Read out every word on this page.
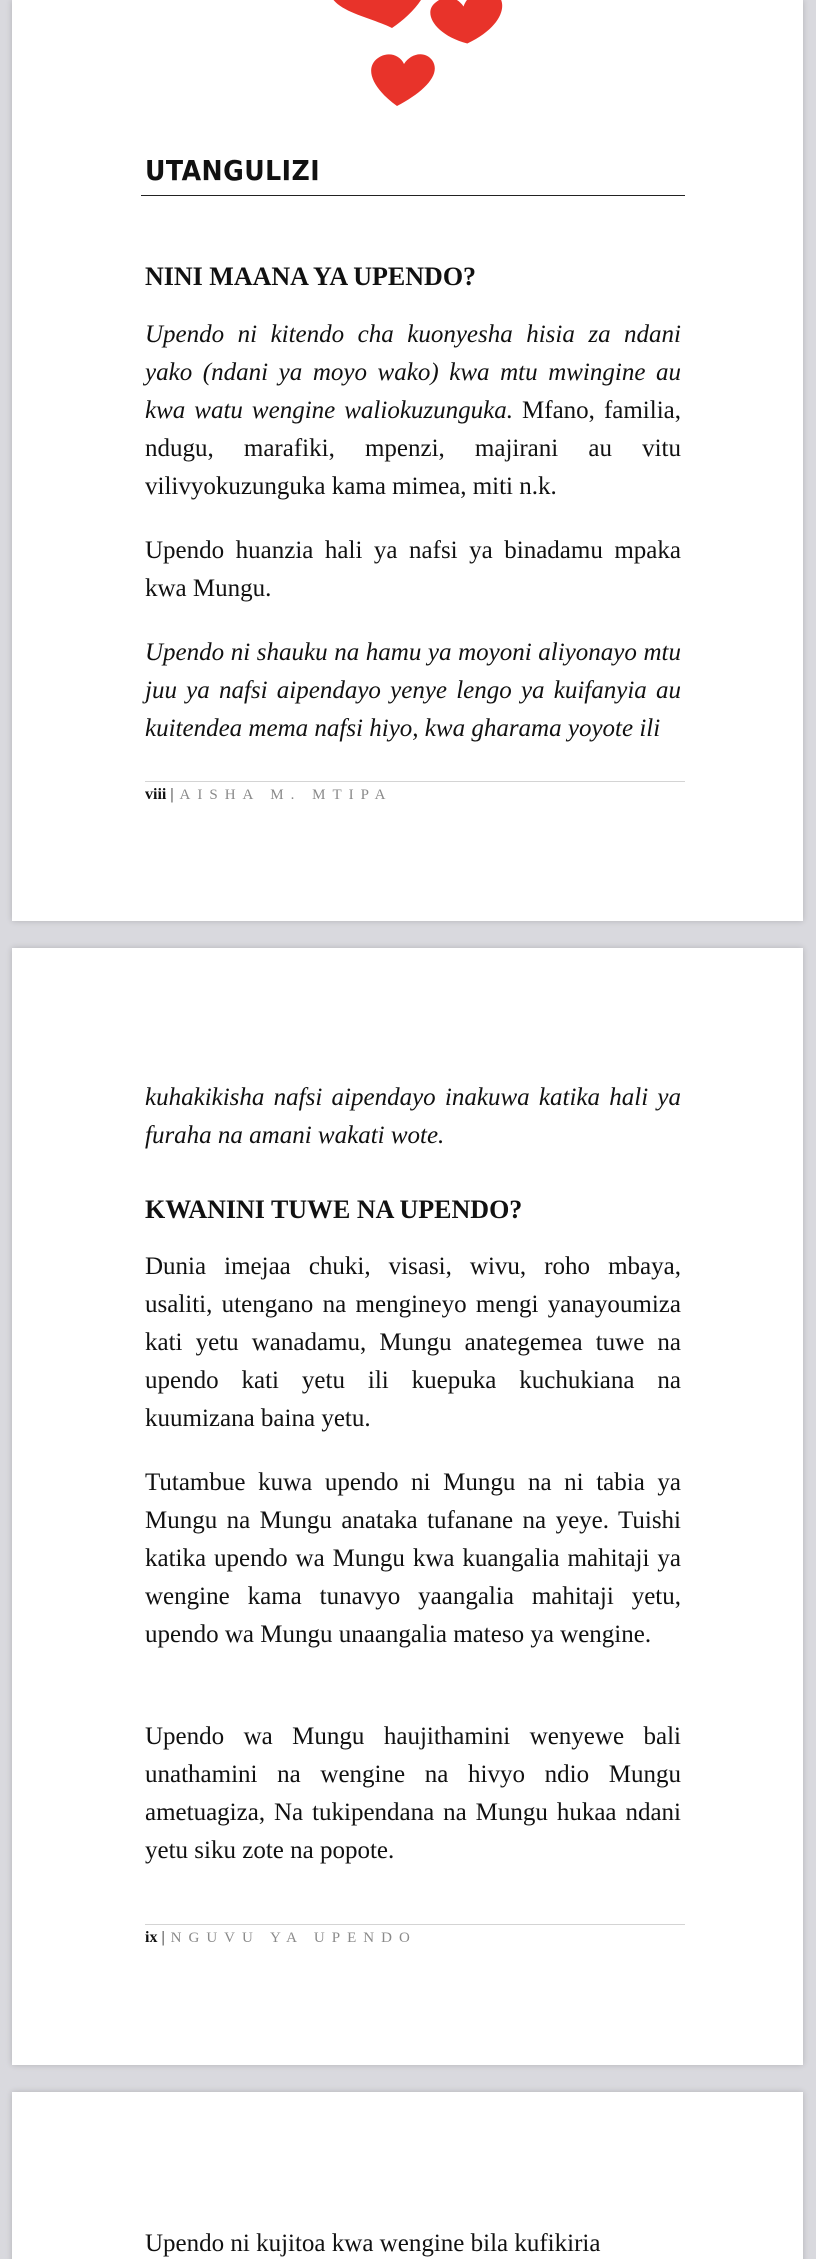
UTANGULIZI
NINI MAANA YA UPENDO?
Upendo ni kitendo cha kuonyesha hisia za ndani yako (ndani ya moyo wako) kwa mtu mwingine au kwa watu wengine waliokuzunguka. Mfano, familia, ndugu, marafiki, mpenzi, majirani au vitu vilivyokuzunguka kama mimea, miti n.k.
Upendo huanzia hali ya nafsi ya binadamu mpaka kwa Mungu.
Upendo ni shauku na hamu ya moyoni aliyonayo mtu juu ya nafsi aipendayo yenye lengo ya kuifanyia au kuitendea mema nafsi hiyo, kwa gharama yoyote ili
viii | AISHA M. MTIPA
kuhakikisha nafsi aipendayo inakuwa katika hali ya furaha na amani wakati wote.
KWANINI TUWE NA UPENDO?
Dunia imejaa chuki, visasi, wivu, roho mbaya, usaliti, utengano na mengineyo mengi yanayoumiza kati yetu wanadamu, Mungu anategemea tuwe na upendo kati yetu ili kuepuka kuchukiana na kuumizana baina yetu.
Tutambue kuwa upendo ni Mungu na ni tabia ya Mungu na Mungu anataka tufanane na yeye. Tuishi katika upendo wa Mungu kwa kuangalia mahitaji ya wengine kama tunavyo yaangalia mahitaji yetu, upendo wa Mungu unaangalia mateso ya wengine.
Upendo wa Mungu haujithamini wenyewe bali unathamini na wengine na hivyo ndio Mungu ametuagiza, Na tukipendana na Mungu hukaa ndani yetu siku zote na popote.
ix | NGUVU YA UPENDO
Upendo ni kujitoa kwa wengine bila kufikiria
